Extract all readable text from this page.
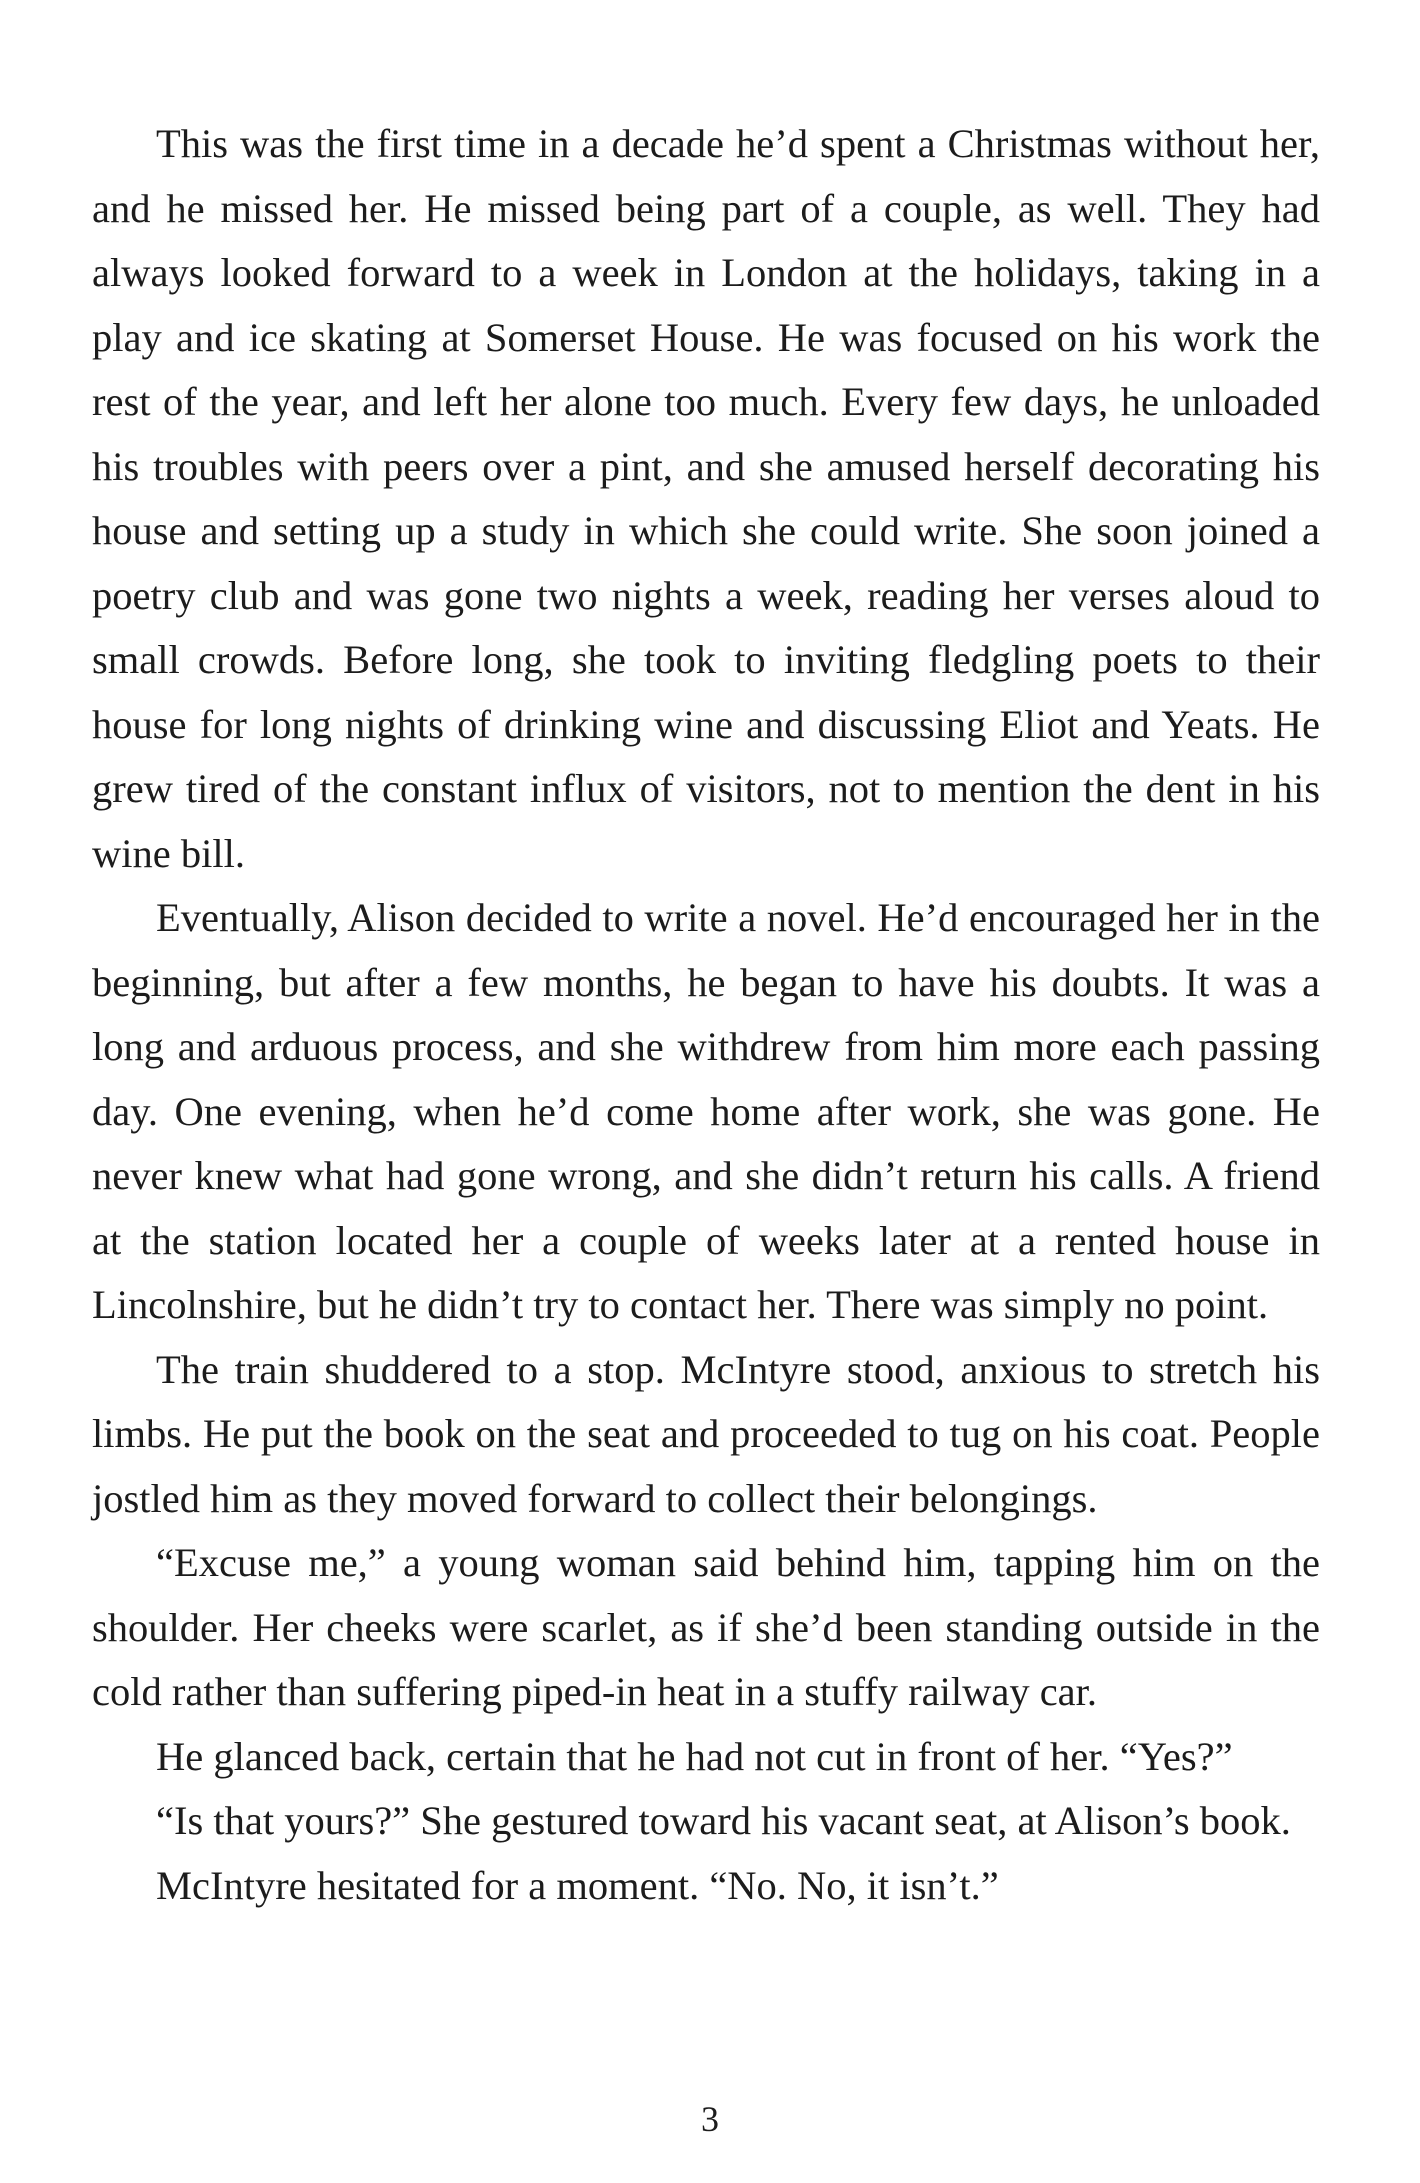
This was the first time in a decade he’d spent a Christmas without her, and he missed her. He missed being part of a couple, as well. They had always looked forward to a week in London at the holidays, taking in a play and ice skating at Somerset House. He was focused on his work the rest of the year, and left her alone too much. Every few days, he unloaded his troubles with peers over a pint, and she amused herself decorating his house and setting up a study in which she could write. She soon joined a poetry club and was gone two nights a week, reading her verses aloud to small crowds. Before long, she took to inviting fledgling poets to their house for long nights of drinking wine and discussing Eliot and Yeats. He grew tired of the constant influx of visitors, not to mention the dent in his wine bill.

Eventually, Alison decided to write a novel. He’d encouraged her in the beginning, but after a few months, he began to have his doubts. It was a long and arduous process, and she withdrew from him more each passing day. One evening, when he’d come home after work, she was gone. He never knew what had gone wrong, and she didn’t return his calls. A friend at the station located her a couple of weeks later at a rented house in Lincolnshire, but he didn’t try to contact her. There was simply no point.

The train shuddered to a stop. McIntyre stood, anxious to stretch his limbs. He put the book on the seat and proceeded to tug on his coat. People jostled him as they moved forward to collect their belongings.

“Excuse me,” a young woman said behind him, tapping him on the shoulder. Her cheeks were scarlet, as if she’d been standing outside in the cold rather than suffering piped-in heat in a stuffy railway car.

He glanced back, certain that he had not cut in front of her. “Yes?”

“Is that yours?” She gestured toward his vacant seat, at Alison’s book.

McIntyre hesitated for a moment. “No. No, it isn’t.”

3
